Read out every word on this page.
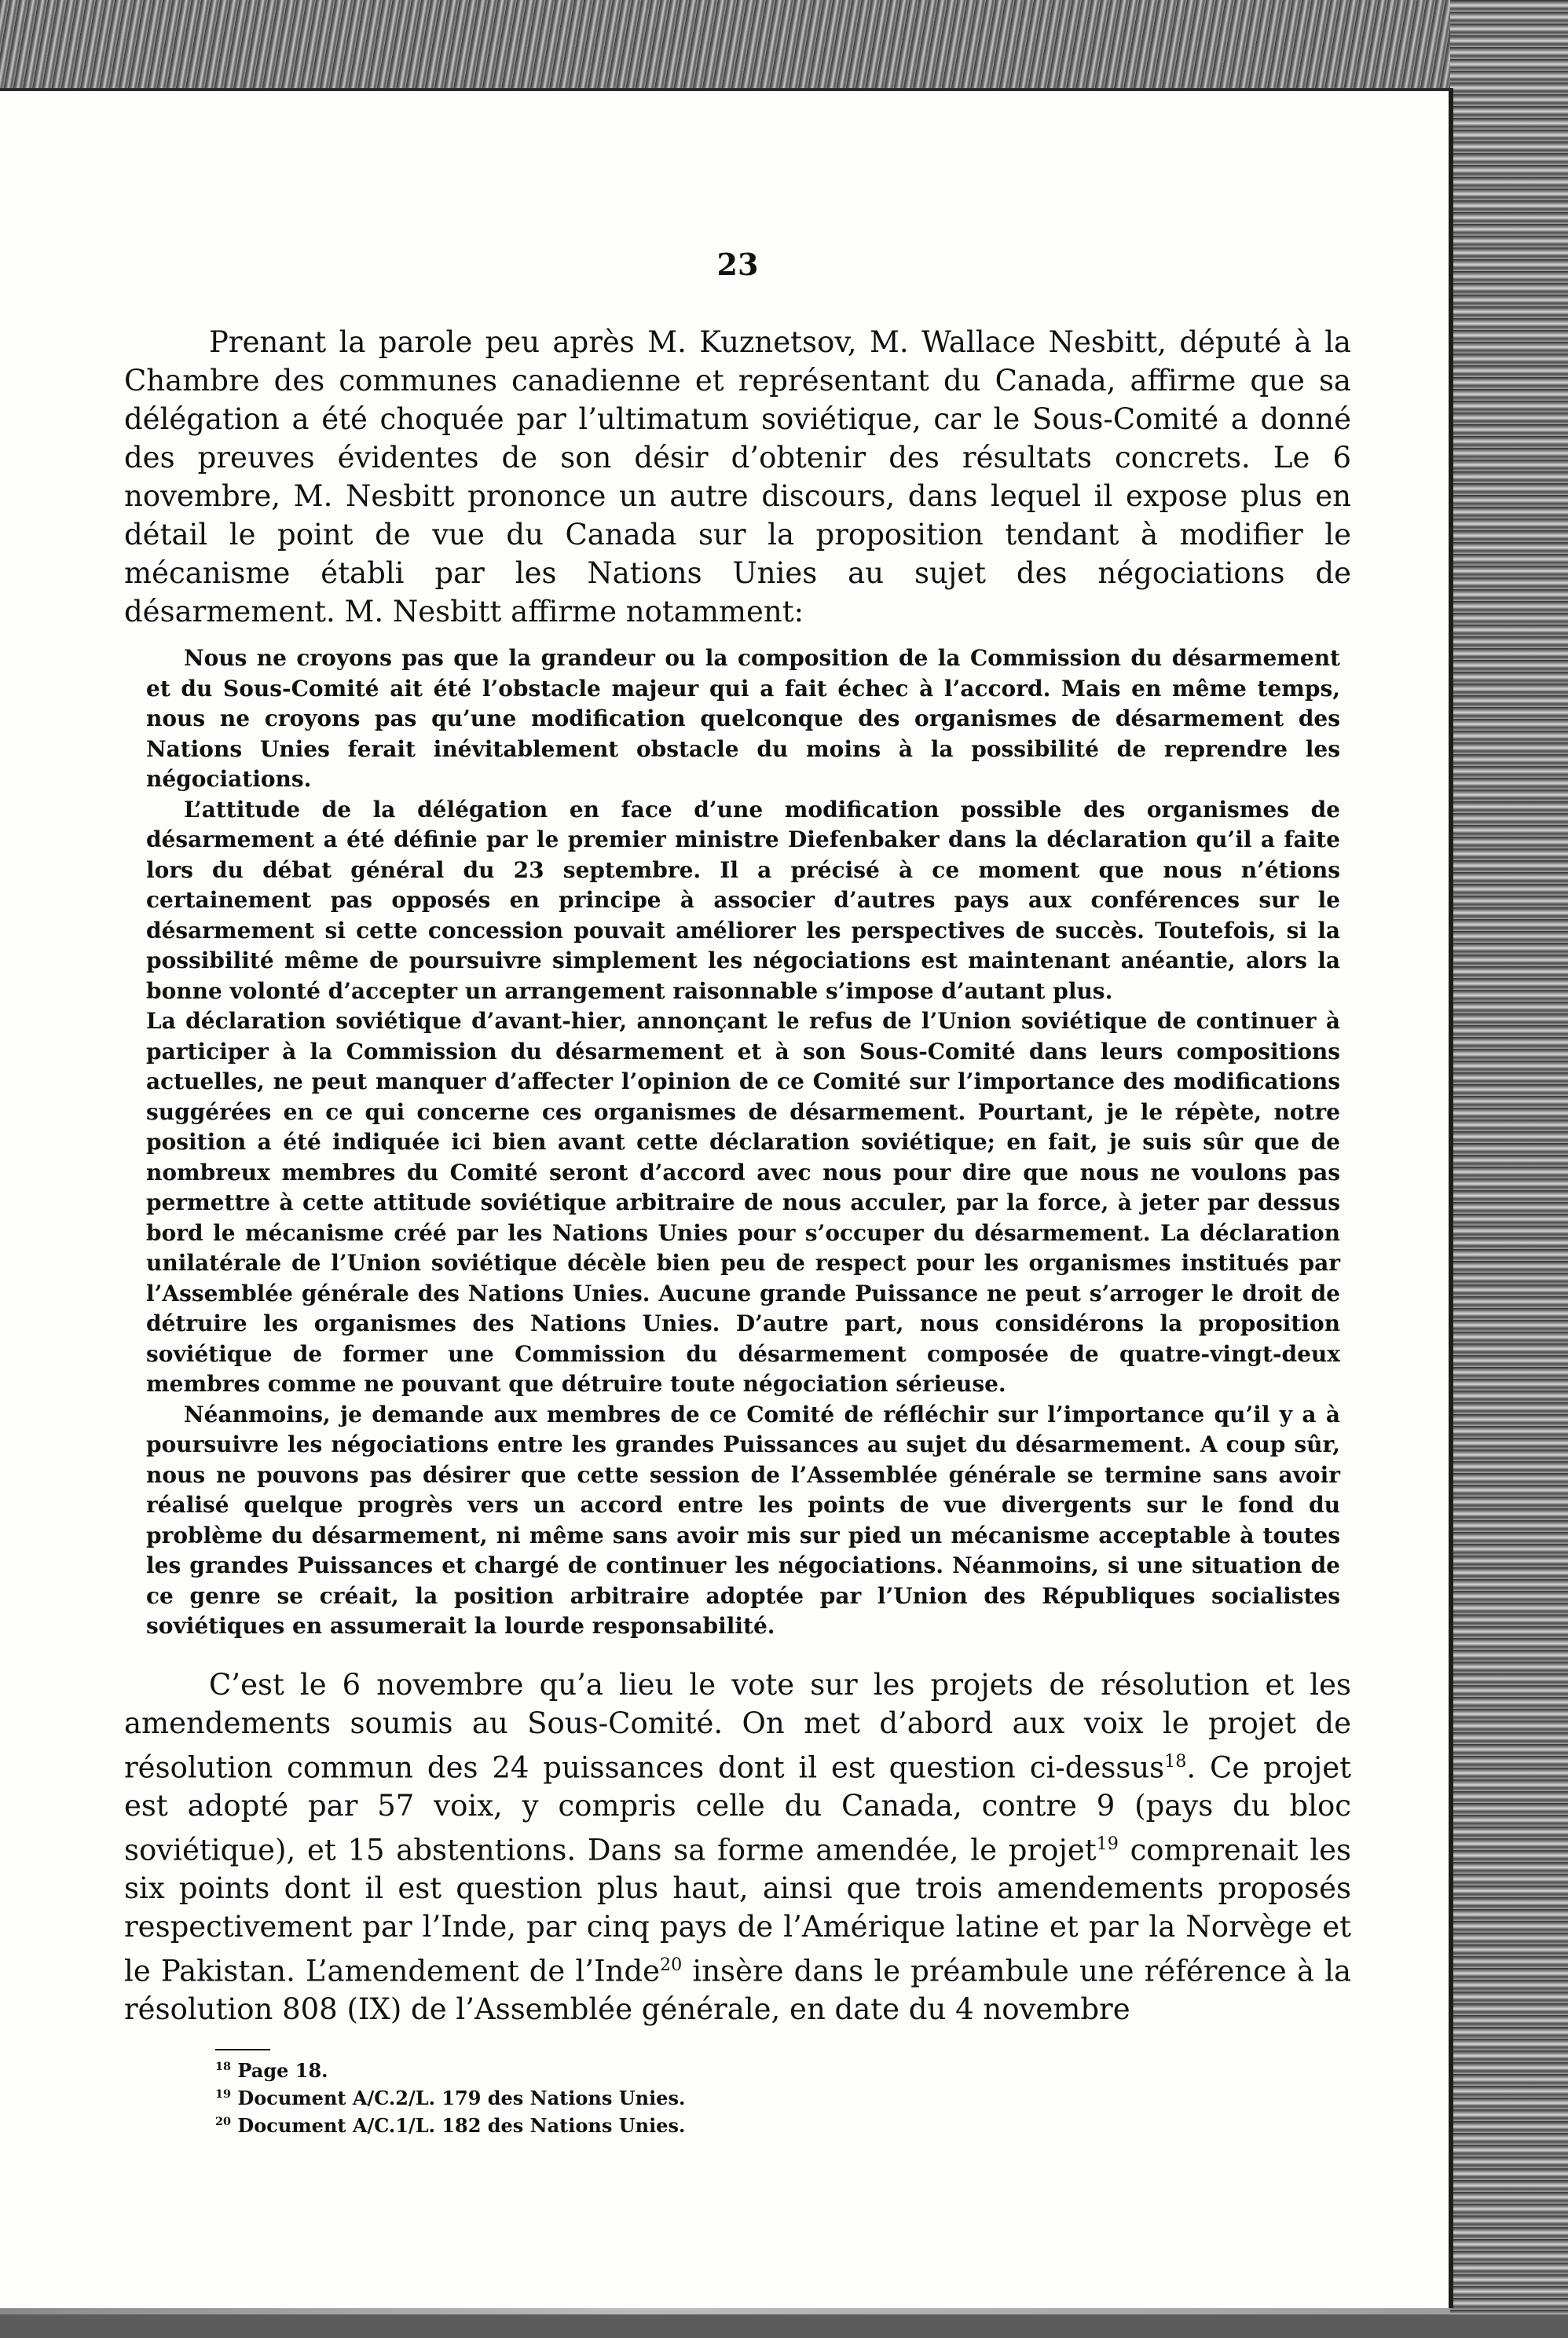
23

Prenant la parole peu après M. Kuznetsov, M. Wallace Nesbitt, député à la Chambre des communes canadienne et représentant du Canada, affirme que sa délégation a été choquée par l’ultimatum soviétique, car le Sous-Comité a donné des preuves évidentes de son désir d’obtenir des résultats concrets. Le 6 novembre, M. Nesbitt prononce un autre discours, dans lequel il expose plus en détail le point de vue du Canada sur la proposition tendant à modifier le mécanisme établi par les Nations Unies au sujet des négociations de désarmement. M. Nesbitt affirme notamment:

Nous ne croyons pas que la grandeur ou la composition de la Commission du désarmement et du Sous-Comité ait été l’obstacle majeur qui a fait échec à l’accord. Mais en même temps, nous ne croyons pas qu’une modification quelconque des organismes de désarmement des Nations Unies ferait inévitablement obstacle du moins à la possibilité de reprendre les négociations.

L’attitude de la délégation en face d’une modification possible des organismes de désarmement a été définie par le premier ministre Diefenbaker dans la déclaration qu’il a faite lors du débat général du 23 septembre. Il a précisé à ce moment que nous n’étions certainement pas opposés en principe à associer d’autres pays aux conférences sur le désarmement si cette concession pouvait améliorer les perspectives de succès. Toutefois, si la possibilité même de poursuivre simplement les négociations est maintenant anéantie, alors la bonne volonté d’accepter un arrangement raisonnable s’impose d’autant plus.

La déclaration soviétique d’avant-hier, annonçant le refus de l’Union soviétique de continuer à participer à la Commission du désarmement et à son Sous-Comité dans leurs compositions actuelles, ne peut manquer d’affecter l’opinion de ce Comité sur l’importance des modifications suggérées en ce qui concerne ces organismes de désarmement. Pourtant, je le répète, notre position a été indiquée ici bien avant cette déclaration soviétique; en fait, je suis sûr que de nombreux membres du Comité seront d’accord avec nous pour dire que nous ne voulons pas permettre à cette attitude soviétique arbitraire de nous acculer, par la force, à jeter par dessus bord le mécanisme créé par les Nations Unies pour s’occuper du désarmement. La déclaration unilatérale de l’Union soviétique décèle bien peu de respect pour les organismes institués par l’Assemblée générale des Nations Unies. Aucune grande Puissance ne peut s’arroger le droit de détruire les organismes des Nations Unies. D’autre part, nous considérons la proposition soviétique de former une Commission du désarmement composée de quatre-vingt-deux membres comme ne pouvant que détruire toute négociation sérieuse.

Néanmoins, je demande aux membres de ce Comité de réfléchir sur l’importance qu’il y a à poursuivre les négociations entre les grandes Puissances au sujet du désarmement. A coup sûr, nous ne pouvons pas désirer que cette session de l’Assemblée générale se termine sans avoir réalisé quelque progrès vers un accord entre les points de vue divergents sur le fond du problème du désarmement, ni même sans avoir mis sur pied un mécanisme acceptable à toutes les grandes Puissances et chargé de continuer les négociations. Néanmoins, si une situation de ce genre se créait, la position arbitraire adoptée par l’Union des Républiques socialistes soviétiques en assumerait la lourde responsabilité.

C’est le 6 novembre qu’a lieu le vote sur les projets de résolution et les amendements soumis au Sous-Comité. On met d’abord aux voix le projet de résolution commun des 24 puissances dont il est question ci-dessus$^{18}$. Ce projet est adopté par 57 voix, y compris celle du Canada, contre 9 (pays du bloc soviétique), et 15 abstentions. Dans sa forme amendée, le projet$^{19}$ comprenait les six points dont il est question plus haut, ainsi que trois amendements proposés respectivement par l’Inde, par cinq pays de l’Amérique latine et par la Norvège et le Pakistan. L’amendement de l’Inde$^{20}$ insère dans le préambule une référence à la résolution 808 (IX) de l’Assemblée générale, en date du 4 novembre

$^{18}$ Page 18.

$^{19}$ Document A/C.2/L. 179 des Nations Unies.

$^{20}$ Document A/C.1/L. 182 des Nations Unies.
